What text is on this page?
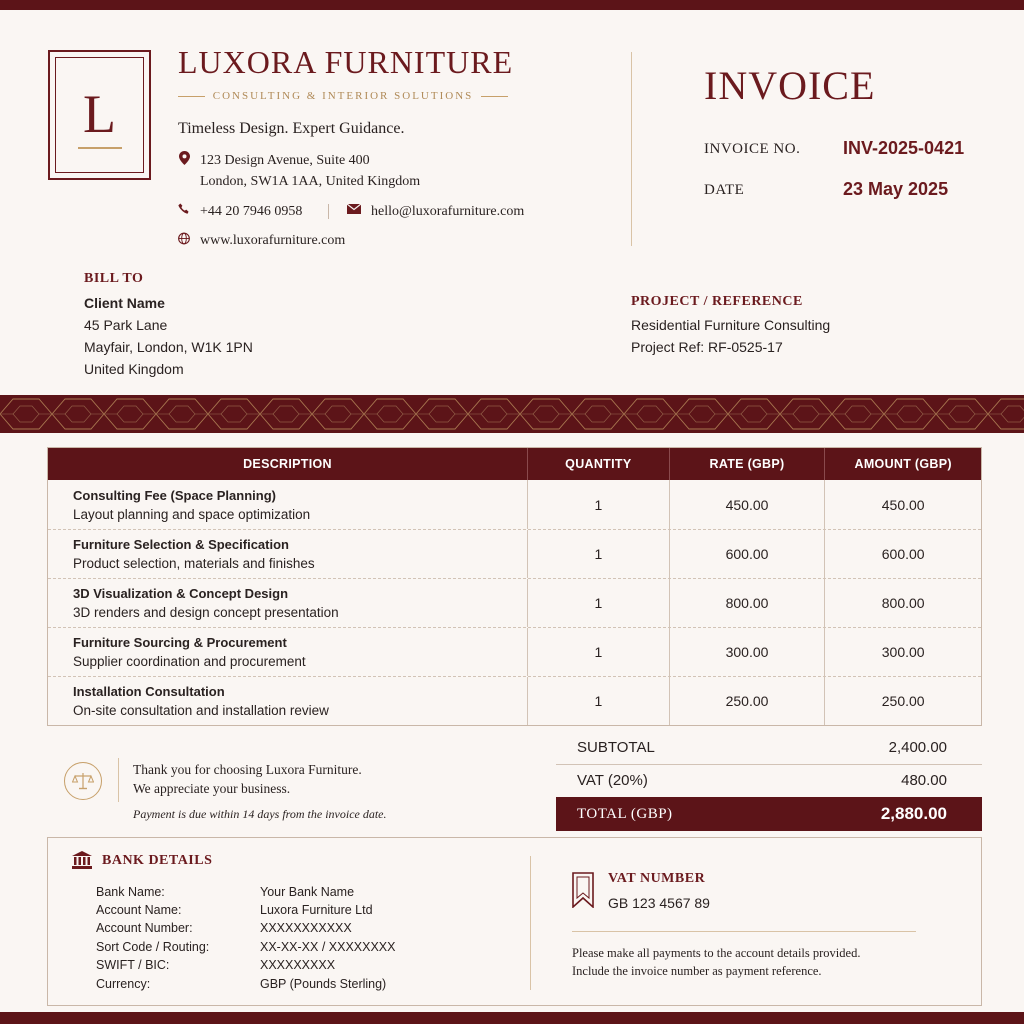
L
LUXORA FURNITURE
CONSULTING & INTERIOR SOLUTIONS
Timeless Design. Expert Guidance.
123 Design Avenue, Suite 400
London, SW1A 1AA, United Kingdom
+44 20 7946 0958	hello@luxorafurniture.com
www.luxorafurniture.com
INVOICE
INVOICE NO. INV-2025-0421
DATE	23 May 2025
BILL TO
Client Name
45 Park Lane
Mayfair, London, W1K 1PN
United Kingdom
PROJECT / REFERENCE
Residential Furniture Consulting
Project Ref: RF-0525-17
DESCRIPTION	QUANTITY	RATE (GBP)	AMOUNT (GBP)
Consulting Fee (Space Planning)
Layout planning and space optimization
1	450.00	450.00
Furniture Selection & Specification
Product selection, materials and finishes
1	600.00	600.00
3D Visualization & Concept Design
3D renders and design concept presentation
1	800.00	800.00
Furniture Sourcing & Procurement
Supplier coordination and procurement
1	300.00	300.00
Installation Consultation
On-site consultation and installation review
1	250.00	250.00
Thank you for choosing Luxora Furniture.
We appreciate your business.
Payment is due within 14 days from the invoice date.
SUBTOTAL	2,400.00
VAT (20%)	480.00
TOTAL (GBP)	2,880.00
BANK DETAILS
Bank Name:	Your Bank Name
Account Name:	Luxora Furniture Ltd
Account Number:	XXXXXXXXXXX
Sort Code / Routing:	XX-XX-XX / XXXXXXXX
SWIFT / BIC:	XXXXXXXXX
Currency:	GBP (Pounds Sterling)
VAT NUMBER
GB 123 4567 89
Please make all payments to the account details provided.
Include the invoice number as payment reference.
